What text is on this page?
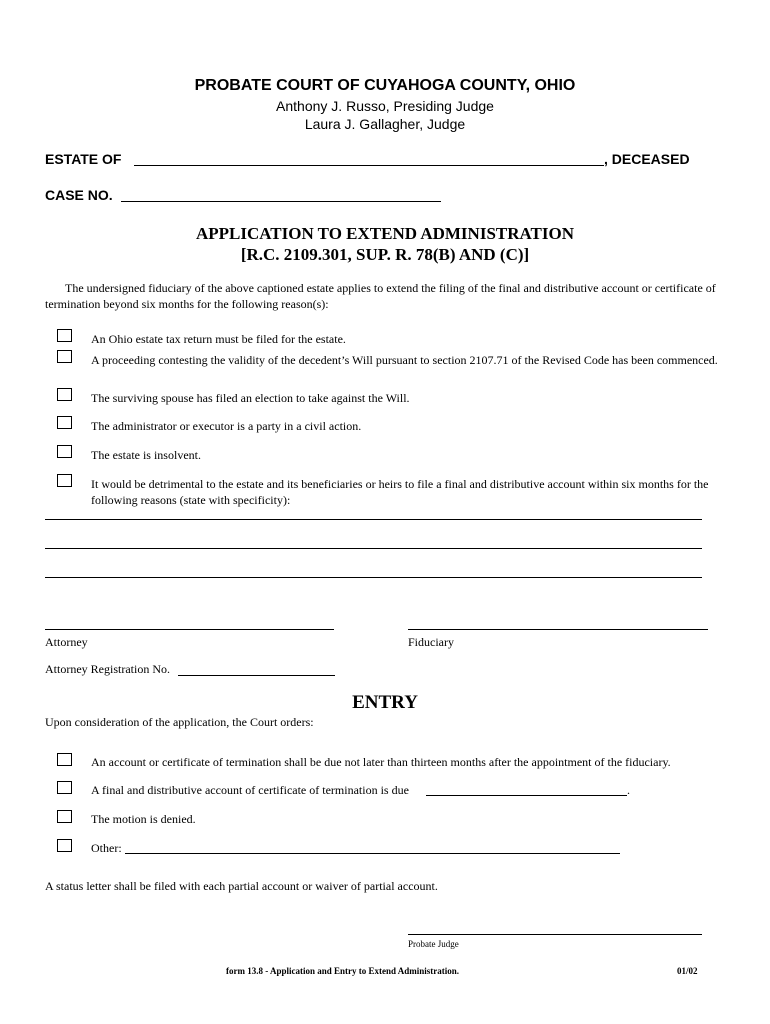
PROBATE COURT OF CUYAHOGA COUNTY, OHIO
Anthony J. Russo, Presiding Judge
Laura J. Gallagher, Judge
ESTATE OF	, DECEASED
CASE NO.
APPLICATION TO EXTEND ADMINISTRATION
[R.C. 2109.301, SUP. R. 78(B) AND (C)]
The undersigned fiduciary of the above captioned estate applies to extend the filing of the final and distributive account or certificate of termination beyond six months for the following reason(s):
An Ohio estate tax return must be filed for the estate.
A proceeding contesting the validity of the decedent’s Will pursuant to section 2107.71 of the Revised Code has been commenced.
The surviving spouse has filed an election to take against the Will.
The administrator or executor is a party in a civil action.
The estate is insolvent.
It would be detrimental to the estate and its beneficiaries or heirs to file a final and distributive account within six months for the following reasons (state with specificity):
Attorney	Fiduciary
Attorney Registration No.
ENTRY
Upon consideration of the application, the Court orders:
An account or certificate of termination shall be due not later than thirteen months after the appointment of the fiduciary.
A final and distributive account of certificate of termination is due	.
The motion is denied.
Other:
A status letter shall be filed with each partial account or waiver of partial account.
Probate Judge
form 13.8 - Application and Entry to Extend Administration.	01/02
